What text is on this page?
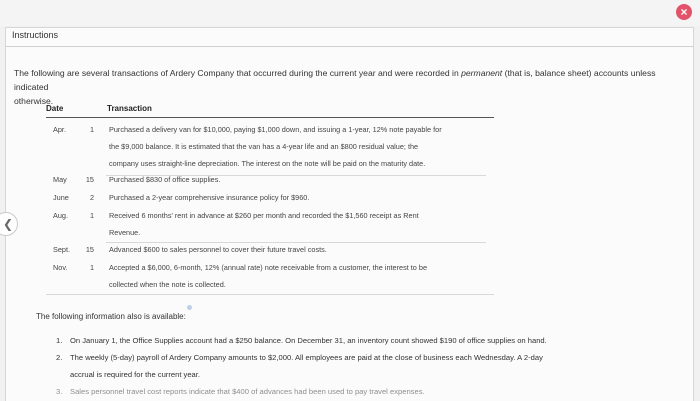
×
Instructions
The following are several transactions of Ardery Company that occurred during the current year and were recorded in permanent (that is, balance sheet) accounts unless indicated
otherwise.
Date	Transaction
Apr.	1 Purchased a delivery van for $10,000, paying $1,000 down, and issuing a 1-year, 12% note payable for
the $9,000 balance. It is estimated that the van has a 4-year life and an $800 residual value; the
company uses straight-line depreciation. The interest on the note will be paid on the maturity date.
May	15 Purchased $830 of office supplies.
June	2 Purchased a 2-year comprehensive insurance policy for $960.
Aug.	1 Received 6 months' rent in advance at $260 per month and recorded the $1,560 receipt as Rent
Revenue.
Sept.	15 Advanced $600 to sales personnel to cover their future travel costs.
Nov.	1 Accepted a $6,000, 6-month, 12% (annual rate) note receivable from a customer, the interest to be
collected when the note is collected.
The following information also is available:
1. On January 1, the Office Supplies account had a $250 balance. On December 31, an inventory count showed $190 of office supplies on hand.
2. The weekly (5-day) payroll of Ardery Company amounts to $2,000. All employees are paid at the close of business each Wednesday. A 2-day
accrual is required for the current year.
3. Sales personnel travel cost reports indicate that $400 of advances had been used to pay travel expenses.
❮
